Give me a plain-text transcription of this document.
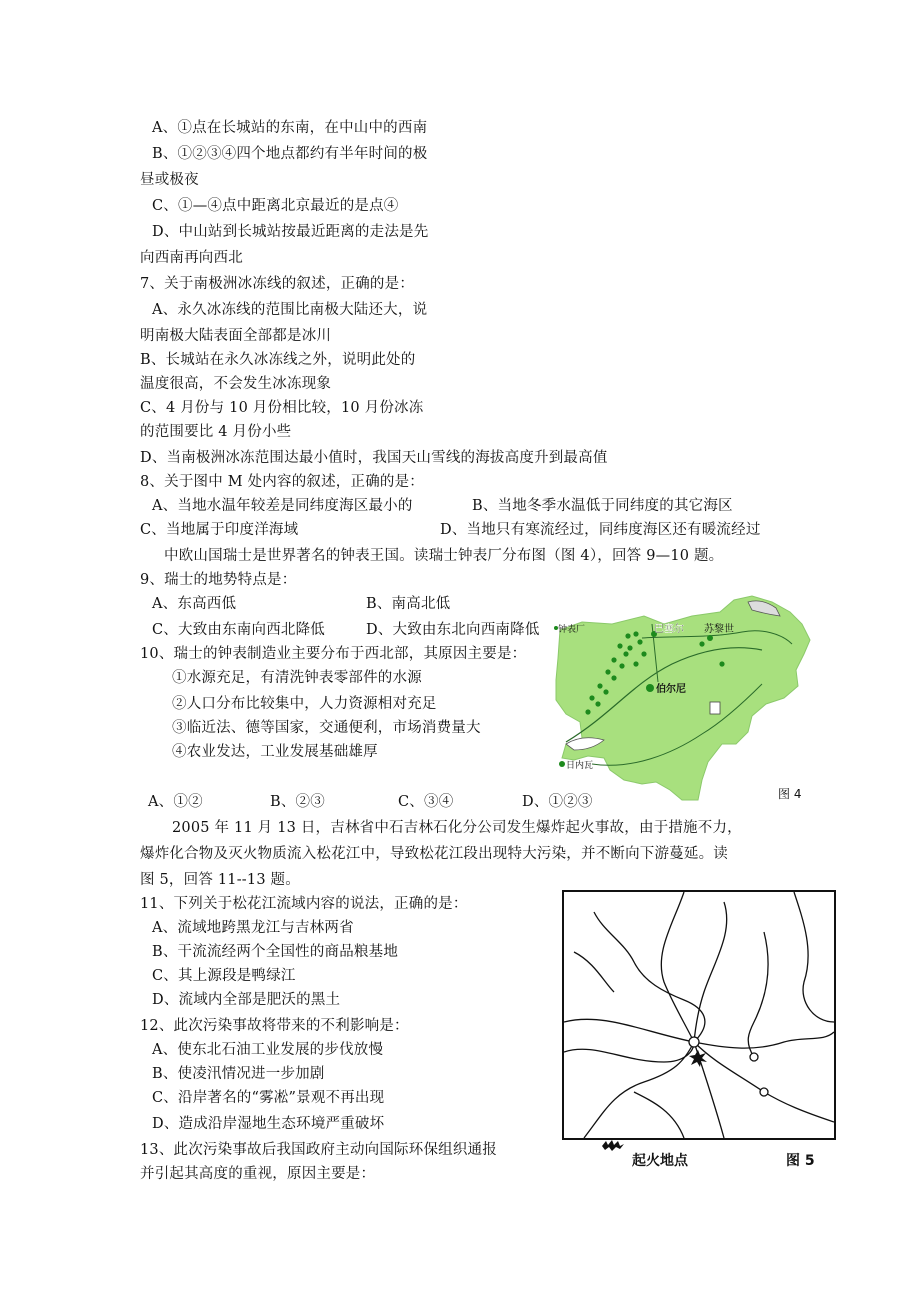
A、①点在长城站的东南，在中山中的西南
B、①②③④四个地点都约有半年时间的极
昼或极夜
C、①—④点中距离北京最近的是点④
D、中山站到长城站按最近距离的走法是先
向西南再向西北
7、关于南极洲冰冻线的叙述，正确的是：
A、永久冰冻线的范围比南极大陆还大，说
明南极大陆表面全部都是冰川
B、长城站在永久冰冻线之外，说明此处的
温度很高，不会发生冰冻现象
C、4 月份与 10 月份相比较，10 月份冰冻
的范围要比 4 月份小些
D、当南极洲冰冻范围达最小值时，我国天山雪线的海拔高度升到最高值
8、关于图中 M 处内容的叙述，正确的是：
A、当地水温年较差是同纬度海区最小的	B、当地冬季水温低于同纬度的其它海区
C、当地属于印度洋海域	D、当地只有寒流经过，同纬度海区还有暖流经过
中欧山国瑞士是世界著名的钟表王国。读瑞士钟表厂分布图（图 4），回答 9—10 题。
9、瑞士的地势特点是：
A、东高西低	B、南高北低
C、大致由东南向西北降低	D、大致由东北向西南降低
10、瑞士的钟表制造业主要分布于西北部，其原因主要是：
①水源充足，有清洗钟表零部件的水源
②人口分布比较集中，人力资源相对充足
③临近法、德等国家，交通便利，市场消费量大
④农业发达，工业发展基础雄厚
A、①②	B、②③	C、③④	D、①②③
2005 年 11 月 13 日，吉林省中石吉林石化分公司发生爆炸起火事故，由于措施不力，
爆炸化合物及灭火物质流入松花江中，导致松花江段出现特大污染，并不断向下游蔓延。读
图 5，回答 11--13 题。
11、下列关于松花江流域内容的说法，正确的是：
A、流域地跨黑龙江与吉林两省
B、干流流经两个全国性的商品粮基地
C、其上源段是鸭绿江
D、流域内全部是肥沃的黑土
12、此次污染事故将带来的不利影响是：
A、使东北石油工业发展的步伐放慢
B、使凌汛情况进一步加剧
C、沿岸著名的“雾凇”景观不再出现
D、造成沿岸湿地生态环境严重破坏
13、此次污染事故后我国政府主动向国际环保组织通报
并引起其高度的重视，原因主要是：
钟表厂	巴塞尔 苏黎世
伯尔尼
日内瓦
图 4
起火地点	图 5
